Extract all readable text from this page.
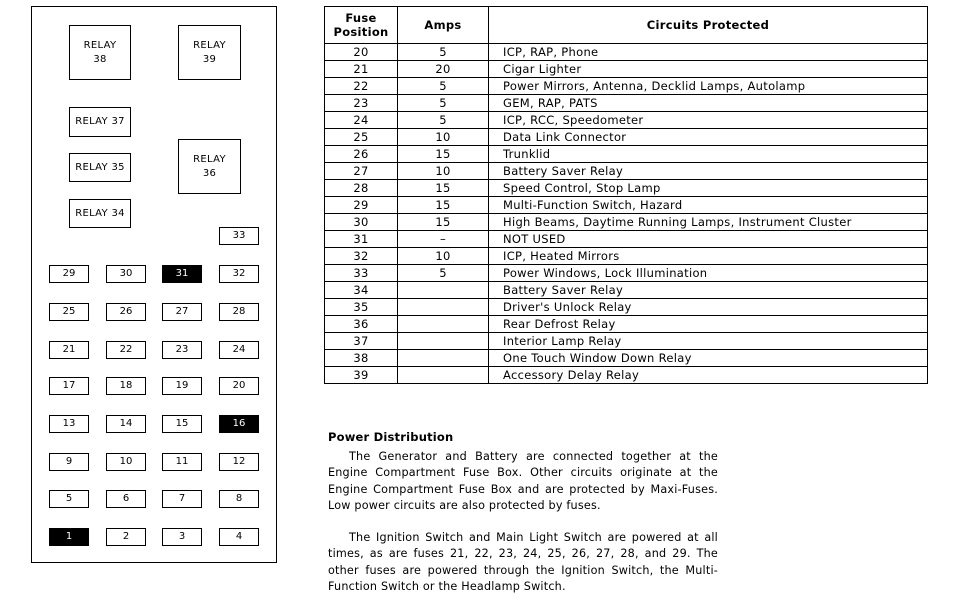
RELAY
38
RELAY
39
RELAY 37
RELAY 35
RELAY
36
RELAY 34
33
29	30	31	32
25	26	27	28
21	22	23	24
17	18	19	20
13	14	15	16
9	10	11	12
5	6	7	8
1	2	3	4
Fuse
Position	Amps	Circuits Protected
20	5	ICP, RAP, Phone
21	20	Cigar Lighter
22	5	Power Mirrors, Antenna, Decklid Lamps, Autolamp
23	5	GEM, RAP, PATS
24	5	ICP, RCC, Speedometer
25	10	Data Link Connector
26	15	Trunklid
27	10	Battery Saver Relay
28	15	Speed Control, Stop Lamp
29	15	Multi-Function Switch, Hazard
30	15	High Beams, Daytime Running Lamps, Instrument Cluster
31	–	NOT USED
32	10	ICP, Heated Mirrors
33	5	Power Windows, Lock Illumination
34		Battery Saver Relay
35		Driver's Unlock Relay
36		Rear Defrost Relay
37		Interior Lamp Relay
38		One Touch Window Down Relay
39		Accessory Delay Relay
Power Distribution

The Generator and Battery are connected together at the Engine Compartment Fuse Box. Other circuits originate at the Engine Compartment Fuse Box and are protected by Maxi-Fuses. Low power circuits are also protected by fuses.

The Ignition Switch and Main Light Switch are powered at all times, as are fuses 21, 22, 23, 24, 25, 26, 27, 28, and 29. The other fuses are powered through the Ignition Switch, the Multi-Function Switch or the Headlamp Switch.
